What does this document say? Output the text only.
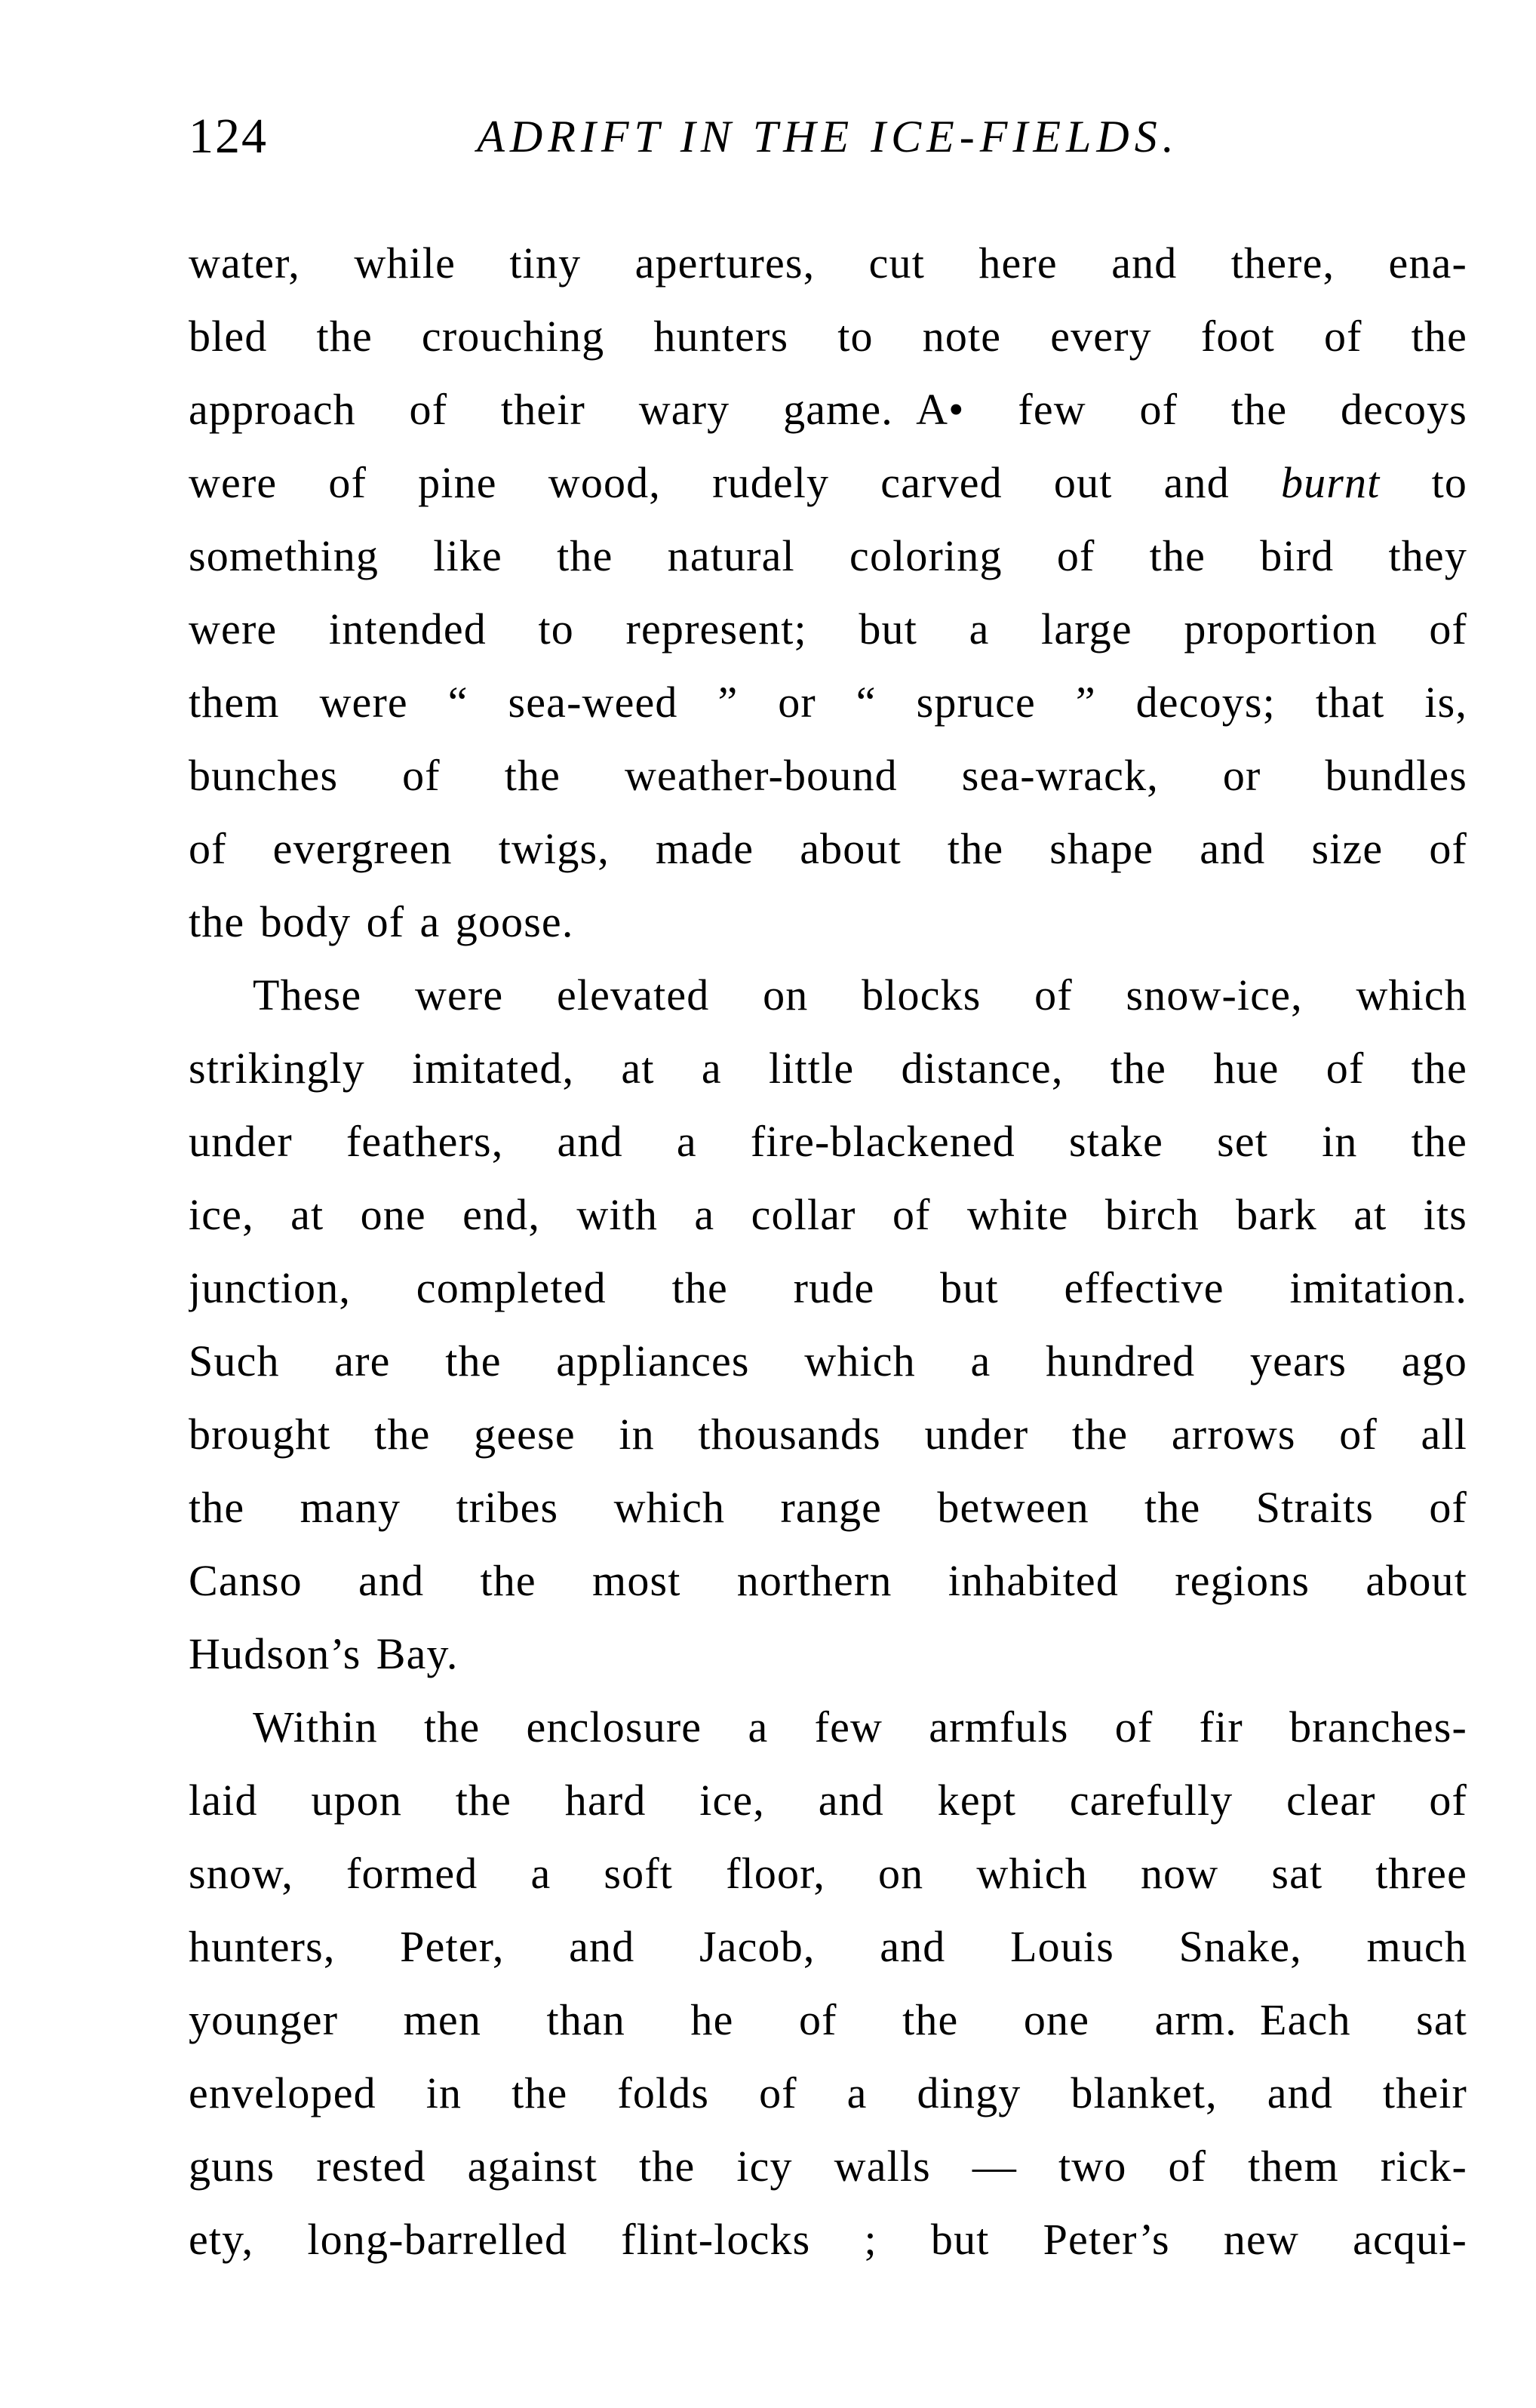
124	ADRIFT IN THE ICE-FIELDS.
water, while tiny apertures, cut here and there, ena-
bled the crouching hunters to note every foot of the
approach of their wary game. A• few of the decoys
were of pine wood, rudely carved out and burnt to
something like the natural coloring of the bird they
were intended to represent; but a large proportion of
them were “ sea-weed ” or “ spruce ” decoys; that is,
bunches of the weather-bound sea-wrack, or bundles
of evergreen twigs, made about the shape and size of
the body of a goose.
These were elevated on blocks of snow-ice, which
strikingly imitated, at a little distance, the hue of the
under feathers, and a fire-blackened stake set in the
ice, at one end, with a collar of white birch bark at its
junction, completed the rude but effective imitation.
Such are the appliances which a hundred years ago
brought the geese in thousands under the arrows of all
the many tribes which range between the Straits of
Canso and the most northern inhabited regions about
Hudson’s Bay.
Within the enclosure a few armfuls of fir branches-
laid upon the hard ice, and kept carefully clear of
snow, formed a soft floor, on which now sat three
hunters, Peter, and Jacob, and Louis Snake, much
younger men than he of the one arm. Each sat
enveloped in the folds of a dingy blanket, and their
guns rested against the icy walls — two of them rick-
ety, long-barrelled flint-locks ; but Peter’s new acqui-
